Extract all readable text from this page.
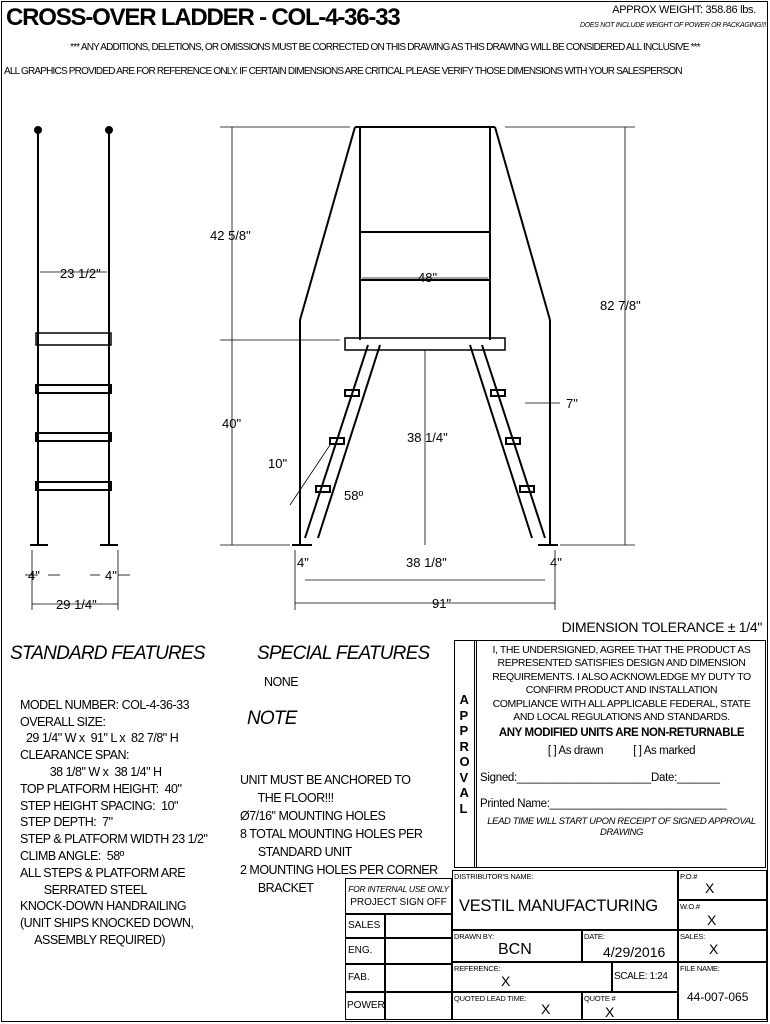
CROSS-OVER LADDER - COL-4-36-33	APPROX WEIGHT: 358.86 lbs.
DOES NOT INCLUDE WEIGHT OF POWER OR PACKAGING!!!
*** ANY ADDITIONS, DELETIONS, OR OMISSIONS MUST BE CORRECTED ON THIS DRAWING AS THIS DRAWING WILL BE CONSIDERED ALL INCLUSIVE ***
ALL GRAPHICS PROVIDED ARE FOR REFERENCE ONLY. IF CERTAIN DIMENSIONS ARE CRITICAL PLEASE VERIFY THOSE DIMENSIONS WITH YOUR SALESPERSON
23 1/2"
4"	4"
29 1/4"
42 5/8"
48"
82 7/8"
40"
38 1/4"
7"
10"
58º
4"	4"
38 1/8"
91"
DIMENSION TOLERANCE ± 1/4"
STANDARD FEATURES

MODEL NUMBER: COL-4-36-33
OVERALL SIZE:
29 1/4" W x  91" L x  82 7/8" H
CLEARANCE SPAN:
38 1/8" W x  38 1/4" H
TOP PLATFORM HEIGHT:  40"
STEP HEIGHT SPACING:  10"
STEP DEPTH:  7"
STEP & PLATFORM WIDTH 23 1/2"
CLIMB ANGLE:  58º
ALL STEPS & PLATFORM ARE
SERRATED STEEL
KNOCK-DOWN HANDRAILING
(UNIT SHIPS KNOCKED DOWN,
ASSEMBLY REQUIRED)

SPECIAL FEATURES
NONE
NOTE

UNIT MUST BE ANCHORED TO
THE FLOOR!!!
Ø7/16" MOUNTING HOLES
8 TOTAL MOUNTING HOLES PER
STANDARD UNIT
2 MOUNTING HOLES PER CORNER
BRACKET

A
P
P
R
O
V
A
L
I, THE UNDERSIGNED, AGREE THAT THE PRODUCT AS
REPRESENTED SATISFIES DESIGN AND DIMENSION
REQUIREMENTS. I ALSO ACKNOWLEDGE MY DUTY TO
CONFIRM PRODUCT AND INSTALLATION
COMPLIANCE WITH ALL APPLICABLE FEDERAL, STATE
AND LOCAL REGULATIONS AND STANDARDS.
ANY MODIFIED UNITS ARE NON-RETURNABLE
[ ] As drawn	[ ] As marked
Signed:______________________Date:_______
Printed Name:_____________________________
LEAD TIME WILL START UPON RECEIPT OF SIGNED APPROVAL DRAWING
FOR INTERNAL USE ONLY
PROJECT SIGN OFF
SALES
ENG.
FAB.
POWER
DISTRIBUTOR'S NAME:
VESTIL MANUFACTURING
P.O.#
X
W.O.#
X
DRAWN BY:
BCN
DATE:
4/29/2016
SALES:
X
REFERENCE:
X	SCALE: 1:24
FILE NAME:
44-007-065
QUOTED LEAD TIME:
X
QUOTE #
X
